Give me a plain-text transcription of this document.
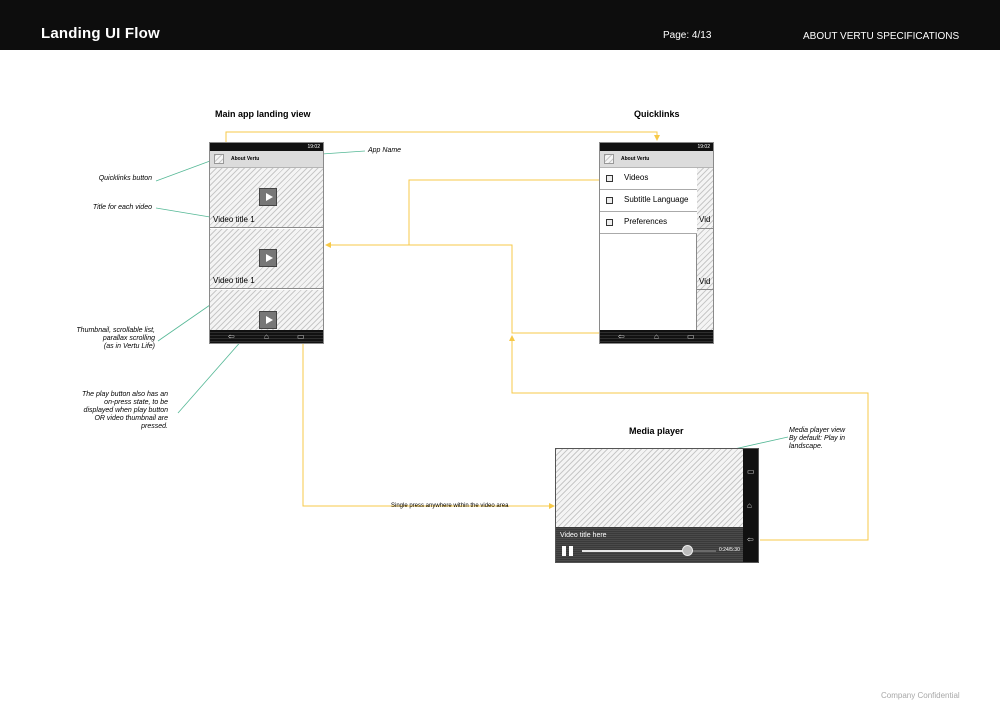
Landing UI Flow	Page: 4/13	ABOUT VERTU SPECIFICATIONS
Main app landing view	Quicklinks
Media player
19:02
About Vertu
Video title 1
Video title 1
⇦	⌂	▭
19:02
About Vertu
Vid
Vid
Videos
Subtitle Language
Preferences
⇦	⌂	▭
Video title here
0:24/5:30
▭
⌂
⇦
App Name
Quicklinks button
Title for each video
Thumbnail, scrollable list,
parallax scrolling
(as in Vertu Life)
The play button also has an
on-press state, to be
displayed when play button
OR video thumbnail are
pressed.
Media player view
By default: Play in
landscape.
Single press anywhere within the video area
Company Confidential
